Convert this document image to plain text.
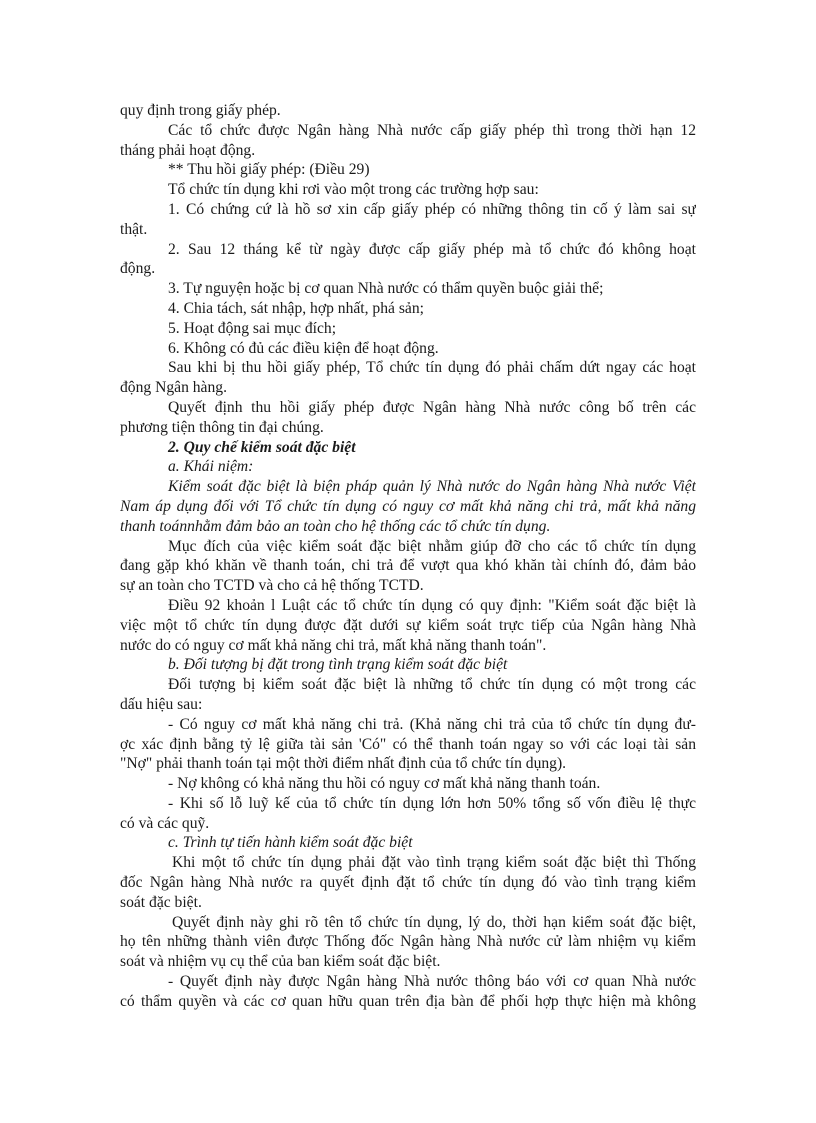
quy định trong giấy phép.
Các tổ chức được Ngân hàng Nhà nước cấp giấy phép thì trong thời hạn 12
tháng phải hoạt động.
** Thu hồi giấy phép: (Điều 29)
Tổ chức tín dụng khi rơi vào một trong các trường hợp sau:
1. Có chứng cứ là hồ sơ xin cấp giấy phép có những thông tin cố ý làm sai sự
thật.
2. Sau 12 tháng kể từ ngày được cấp giấy phép mà tổ chức đó không hoạt
động.
3. Tự nguyện hoặc bị cơ quan Nhà nước có thẩm quyền buộc giải thể;
4. Chia tách, sát nhập, hợp nhất, phá sản;
5. Hoạt động sai mục đích;
6. Không có đủ các điều kiện để hoạt động.
Sau khi bị thu hồi giấy phép, Tổ chức tín dụng đó phải chấm dứt ngay các hoạt
động Ngân hàng.
Quyết định thu hồi giấy phép được Ngân hàng Nhà nước công bố trên các
phương tiện thông tin đại chúng.
2. Quy chế kiểm soát đặc biệt
a. Khái niệm:
Kiểm soát đặc biệt là biện pháp quản lý Nhà nước do Ngân hàng Nhà nước Việt
Nam áp dụng đối với Tổ chức tín dụng có nguy cơ mất khả năng chi trả, mất khả năng
thanh toánnhằm đảm bảo an toàn cho hệ thống các tổ chức tín dụng.
Mục đích của việc kiểm soát đặc biệt nhằm giúp đỡ cho các tổ chức tín dụng
đang gặp khó khăn về thanh toán, chi trả để vượt qua khó khăn tài chính đó, đảm bảo
sự an toàn cho TCTD và cho cả hệ thống TCTD.
Điều 92 khoản l Luật các tổ chức tín dụng có quy định: "Kiểm soát đặc biệt là
việc một tổ chức tín dụng được đặt dưới sự kiểm soát trực tiếp của Ngân hàng Nhà
nước do có nguy cơ mất khả năng chi trả, mất khả năng thanh toán".
b. Đối tượng bị đặt trong tình trạng kiểm soát đặc biệt
Đối tượng bị kiểm soát đặc biệt là những tổ chức tín dụng có một trong các
dấu hiệu sau:
- Có nguy cơ mất khả năng chi trả. (Khả năng chi trả của tổ chức tín dụng đư-
ợc xác định bằng tỷ lệ giữa tài sản 'Có" có thể thanh toán ngay so với các loại tài sản
"Nợ" phải thanh toán tại một thời điểm nhất định của tổ chức tín dụng).
- Nợ không có khả năng thu hồi có nguy cơ mất khả năng thanh toán.
- Khi số lỗ luỹ kế của tổ chức tín dụng lớn hơn 50% tổng số vốn điều lệ thực
có và các quỹ.
c. Trình tự tiến hành kiểm soát đặc biệt
Khi một tổ chức tín dụng phải đặt vào tình trạng kiểm soát đặc biệt thì Thống
đốc Ngân hàng Nhà nước ra quyết định đặt tổ chức tín dụng đó vào tình trạng kiểm
soát đặc biệt.
Quyết định này ghi rõ tên tổ chức tín dụng, lý do, thời hạn kiểm soát đặc biệt,
họ tên những thành viên được Thống đốc Ngân hàng Nhà nước cử làm nhiệm vụ kiểm
soát và nhiệm vụ cụ thể của ban kiểm soát đặc biệt.
- Quyết định này được Ngân hàng Nhà nước thông báo với cơ quan Nhà nước
có thẩm quyền và các cơ quan hữu quan trên địa bàn để phối hợp thực hiện mà không
